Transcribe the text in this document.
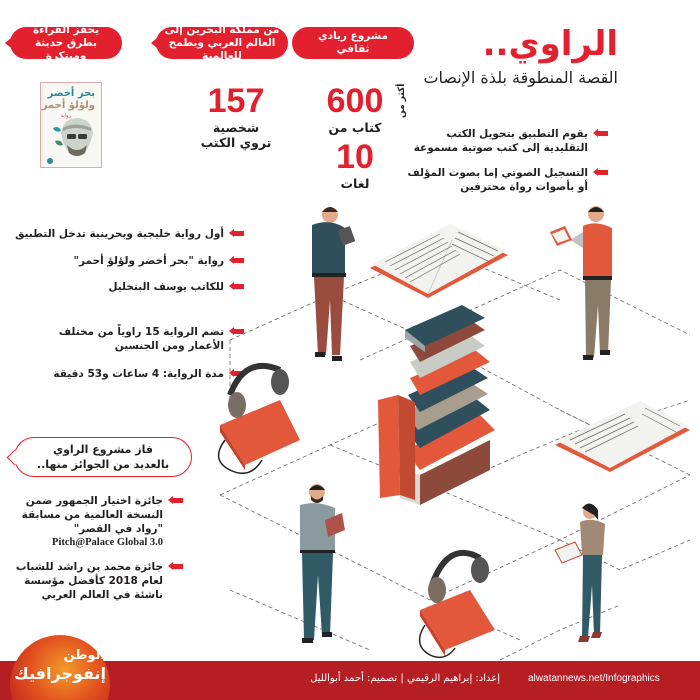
مشروع ريادي ثقافي
من مملكة البحرين إلى العالم العربي ويطمح للعالمية
يحفز القراءة بطرق حديثة ومبتكرة	الراوي..
القصة المنطوقة بلذة الإنصات
600
كتاب من
أكثر من
10
لغات
157
شخصية
تروي الكتب
بحر أخضر
ولؤلؤ أحمر
رواية
يقوم التطبيق بتحويل الكتب
التقليدية إلى كتب صوتية مسموعة
التسجيل الصوتي إما بصوت المؤلف
أو بأصوات رواة محترفين
أول رواية خليجية وبحرينية تدخل التطبيق
رواية "بحر أخضر ولؤلؤ أحمر"
للكاتب يوسف البنخليل
تضم الرواية 15 راوياً من مختلف
الأعمار ومن الجنسين
مدة الرواية: 4 ساعات و53 دقيقة
فاز مشروع الراوي
بالعديد من الجوائز منها..
جائزة اختيار الجمهور ضمن
النسخة العالمية من مسابقة
"رواد في القصر"
Pitch@Palace Global 3.0
جائزة محمد بن راشد للشباب
لعام 2018 كأفضل مؤسسة
ناشئة في العالم العربي
الوطن
إنفوجرافيك	إعداد: إبراهيم الرقيمي | تصميم: أحمد أبوالليل	alwatannews.net/Infographics
